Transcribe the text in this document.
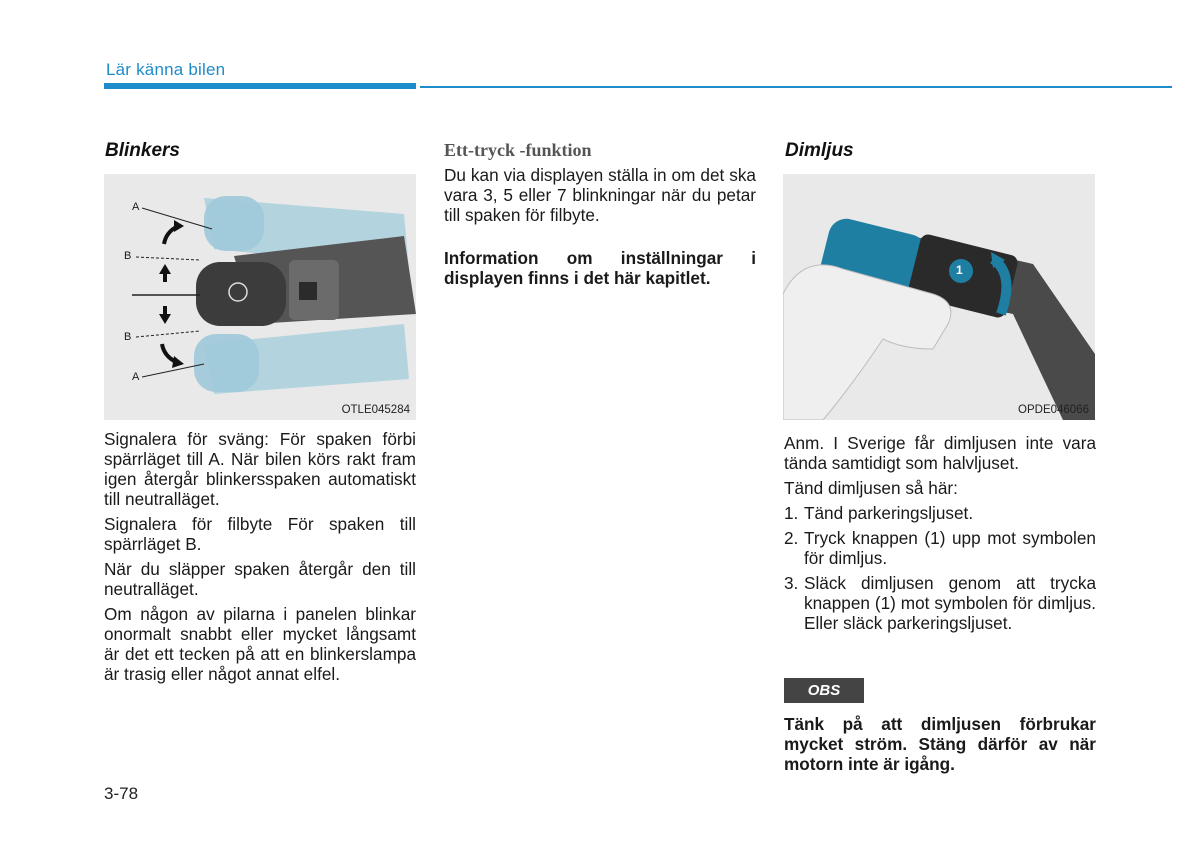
Lär känna bilen
Blinkers
A
B
B
A
OTLE045284

Signalera för sväng: För spaken förbi spärrläget till A. När bilen körs rakt fram igen återgår blinkersspaken automatiskt till neutralläget.

Signalera för filbyte För spaken till spärrläget B.

När du släpper spaken återgår den till neutralläget.

Om någon av pilarna i panelen blinkar onormalt snabbt eller mycket långsamt är det ett tecken på att en blinkerslampa är trasig eller något annat elfel.

Ett-tryck -funktion
Du kan via displayen ställa in om det ska vara 3, 5 eller 7 blinkningar när du petar till spaken för filbyte.
Information om inställningar i displayen finns i det här kapitlet.
Dimljus
1
OPDE046066

Anm. I Sverige får dimljusen inte vara tända samtidigt som halvljuset.

Tänd dimljusen så här:

1. Tänd parkeringsljuset.
2. Tryck knappen (1) upp mot symbolen för dimljus.
3. Släck dimljusen genom att trycka knappen (1) mot symbolen för dimljus. Eller släck parkeringsljuset.
OBS
Tänk på att dimljusen förbrukar mycket ström. Stäng därför av när motorn inte är igång.
3-78
